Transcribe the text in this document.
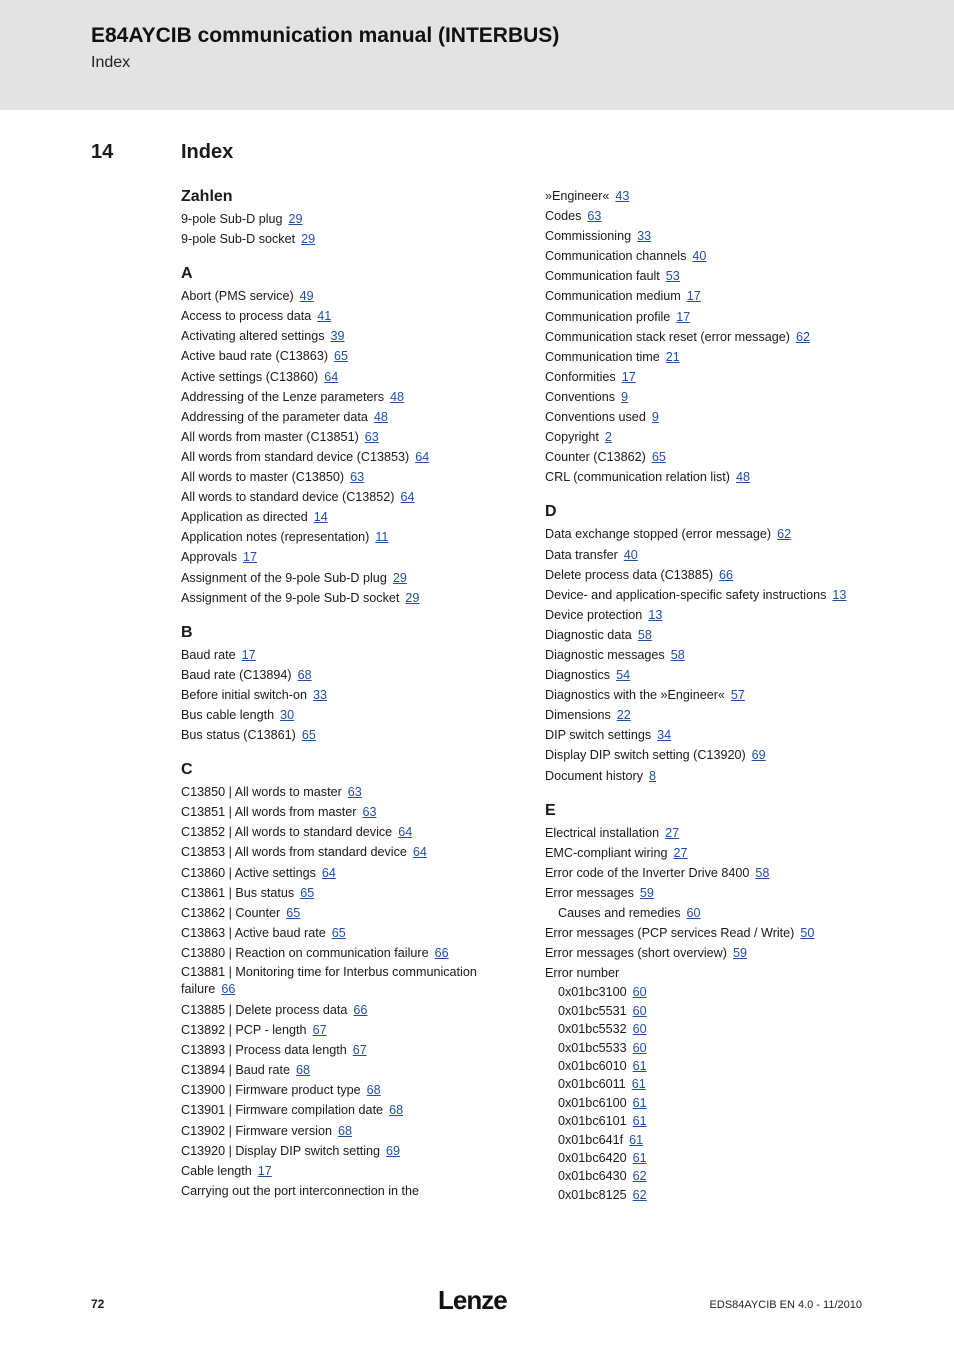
E84AYCIB communication manual (INTERBUS)
Index
14	Index
Zahlen
9-pole Sub-D plug 29
9-pole Sub-D socket 29
A
Abort (PMS service) 49
Access to process data 41
Activating altered settings 39
Active baud rate (C13863) 65
Active settings (C13860) 64
Addressing of the Lenze parameters 48
Addressing of the parameter data 48
All words from master (C13851) 63
All words from standard device (C13853) 64
All words to master (C13850) 63
All words to standard device (C13852) 64
Application as directed 14
Application notes (representation) 11
Approvals 17
Assignment of the 9-pole Sub-D plug 29
Assignment of the 9-pole Sub-D socket 29
B
Baud rate 17
Baud rate (C13894) 68
Before initial switch-on 33
Bus cable length 30
Bus status (C13861) 65
C
C13850 | All words to master 63
C13851 | All words from master 63
C13852 | All words to standard device 64
C13853 | All words from standard device 64
C13860 | Active settings 64
C13861 | Bus status 65
C13862 | Counter 65
C13863 | Active baud rate 65
C13880 | Reaction on communication failure 66
C13881 | Monitoring time for Interbus communication failure 66
C13885 | Delete process data 66
C13892 | PCP - length 67
C13893 | Process data length 67
C13894 | Baud rate 68
C13900 | Firmware product type 68
C13901 | Firmware compilation date 68
C13902 | Firmware version 68
C13920 | Display DIP switch setting 69
Cable length 17
Carrying out the port interconnection in the
»Engineer« 43
Codes 63
Commissioning 33
Communication channels 40
Communication fault 53
Communication medium 17
Communication profile 17
Communication stack reset (error message) 62
Communication time 21
Conformities 17
Conventions 9
Conventions used 9
Copyright 2
Counter (C13862) 65
CRL (communication relation list) 48
D
Data exchange stopped (error message) 62
Data transfer 40
Delete process data (C13885) 66
Device- and application-specific safety instructions 13
Device protection 13
Diagnostic data 58
Diagnostic messages 58
Diagnostics 54
Diagnostics with the »Engineer« 57
Dimensions 22
DIP switch settings 34
Display DIP switch setting (C13920) 69
Document history 8
E
Electrical installation 27
EMC-compliant wiring 27
Error code of the Inverter Drive 8400 58
Error messages 59
Causes and remedies 60
Error messages (PCP services Read / Write) 50
Error messages (short overview) 59
Error number
0x01bc3100 60
0x01bc5531 60
0x01bc5532 60
0x01bc5533 60
0x01bc6010 61
0x01bc6011 61
0x01bc6100 61
0x01bc6101 61
0x01bc641f 61
0x01bc6420 61
0x01bc6430 62
0x01bc8125 62
72	Lenze	EDS84AYCIB EN 4.0 - 11/2010
